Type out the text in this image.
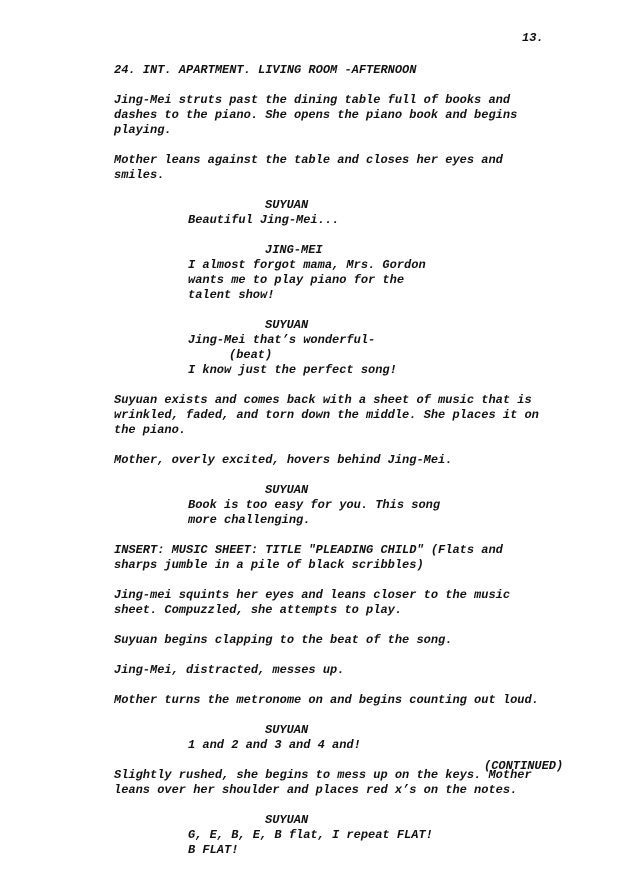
13.
24. INT. APARTMENT. LIVING ROOM -AFTERNOON
Jing-Mei struts past the dining table full of books and
dashes to the piano. She opens the piano book and begins
playing.
Mother leans against the table and closes her eyes and
smiles.
SUYUAN
Beautiful Jing-Mei...
JING-MEI
I almost forgot mama, Mrs. Gordon
wants me to play piano for the
talent show!
SUYUAN
Jing-Mei that’s wonderful-
(beat)
I know just the perfect song!
Suyuan exists and comes back with a sheet of music that is
wrinkled, faded, and torn down the middle. She places it on
the piano.
Mother, overly excited, hovers behind Jing-Mei.
SUYUAN
Book is too easy for you. This song
more challenging.
INSERT: MUSIC SHEET: TITLE "PLEADING CHILD" (Flats and
sharps jumble in a pile of black scribbles)
Jing-mei squints her eyes and leans closer to the music
sheet. Compuzzled, she attempts to play.
Suyuan begins clapping to the beat of the song.
Jing-Mei, distracted, messes up.
Mother turns the metronome on and begins counting out loud.
SUYUAN
1 and 2 and 3 and 4 and!
Slightly rushed, she begins to mess up on the keys. Mother
leans over her shoulder and places red x’s on the notes.
SUYUAN
G, E, B, E, B flat, I repeat FLAT!
B FLAT!
(CONTINUED)
